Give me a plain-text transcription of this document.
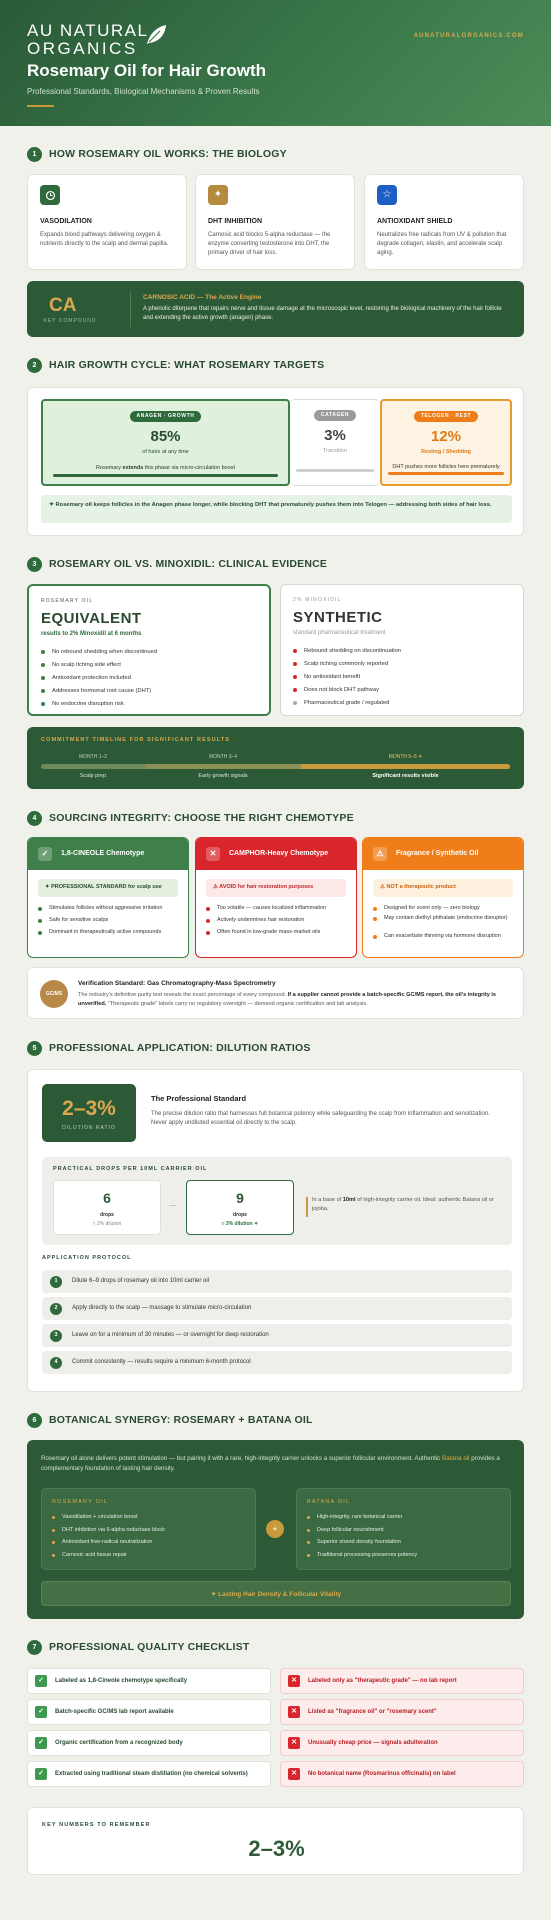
AU NATURAL
ORGANICS
AUNATURALORGANICS.COM
Rosemary Oil for Hair Growth
Professional Standards, Biological Mechanisms & Proven Results
1	HOW ROSEMARY OIL WORKS: THE BIOLOGY
VASODILATION

Expands blood pathways delivering oxygen & nutrients directly to the scalp and dermal papilla.

✦
DHT INHIBITION

Carnosic acid blocks 5-alpha reductase — the enzyme converting testosterone into DHT, the primary driver of hair loss.

☆
ANTIOXIDANT SHIELD

Neutralizes free radicals from UV & pollution that degrade collagen, elastin, and accelerate scalp aging.

CA
KEY COMPOUND
CARNOSIC ACID — The Active Engine
A phenolic diterpene that repairs nerve and tissue damage at the microscopic level, restoring the biological machinery of the hair follicle and extending the active growth (anagen) phase.
2	HAIR GROWTH CYCLE: WHAT ROSEMARY TARGETS
ANAGEN · GROWTH
85%
of hairs at any time
Rosemary extends this phase via micro-circulation boost
CATAGEN
3%
Transition
TELOGEN · REST
12%
Resting / Shedding
DHT pushes more follicles here prematurely
✦ Rosemary oil keeps follicles in the Anagen phase longer, while blocking DHT that prematurely pushes them into Telogen — addressing both sides of hair loss.
3	ROSEMARY OIL VS. MINOXIDIL: CLINICAL EVIDENCE
ROSEMARY OIL
EQUIVALENT
results to 2% Minoxidil at 6 months
No rebound shedding when discontinued
No scalp itching side effect
Antioxidant protection included
Addresses hormonal root cause (DHT)
No endocrine disruption risk
2% MINOXIDIL
SYNTHETIC
standard pharmaceutical treatment
Rebound shedding on discontinuation
Scalp itching commonly reported
No antioxidant benefit
Does not block DHT pathway
Pharmaceutical grade / regulated
COMMITMENT TIMELINE FOR SIGNIFICANT RESULTS
MONTH 1–2	MONTH 3–4	MONTH 5–6 ✦
Scalp prep	Early growth signals	Significant results visible
4	SOURCING INTEGRITY: CHOOSE THE RIGHT CHEMOTYPE
✓	1,8-CINEOLE Chemotype
✦ PROFESSIONAL STANDARD for scalp use
Stimulates follicles without aggressive irritation
Safe for sensitive scalps
Dominant in therapeutically active compounds
✕	CAMPHOR-Heavy Chemotype
⚠ AVOID for hair restoration purposes
Too volatile — causes localized inflammation
Actively undermines hair restoration
Often found in low-grade mass-market oils
⚠	Fragrance / Synthetic Oil
⚠ NOT a therapeutic product
Designed for scent only — zero biology
May contain diethyl phthalate (endocrine disruptor)
Can exacerbate thinning via hormone disruption
GC/MS
Verification Standard: Gas Chromatography-Mass Spectrometry
The industry's definitive purity test reveals the exact percentage of every compound. If a supplier cannot provide a batch-specific GC/MS report, the oil's integrity is unverified. "Therapeutic grade" labels carry no regulatory oversight — demand organic certification and lab analysis.
5	PROFESSIONAL APPLICATION: DILUTION RATIOS
2–3%
DILUTION RATIO
The Professional Standard
The precise dilution ratio that harnesses full botanical potency while safeguarding the scalp from inflammation and sensitization. Never apply undiluted essential oil directly to the scalp.
PRACTICAL DROPS PER 10ML CARRIER OIL
6
drops
≈ 2% dilution
—	9
drops
≈ 3% dilution ✦
In a base of 10ml of high-integrity carrier oil. Ideal: authentic Batana oil or jojoba.
APPLICATION PROTOCOL
1	Dilute 6–9 drops of rosemary oil into 10ml carrier oil
2	Apply directly to the scalp — massage to stimulate micro-circulation
3	Leave on for a minimum of 30 minutes — or overnight for deep restoration
4	Commit consistently — results require a minimum 6-month protocol
6	BOTANICAL SYNERGY: ROSEMARY + BATANA OIL
Rosemary oil alone delivers potent stimulation — but pairing it with a rare, high-integrity carrier unlocks a superior follicular environment. Authentic Batana oil provides a complementary foundation of lasting hair density.
ROSEMARY OIL
Vasodilation + circulation boost
DHT inhibition via 5-alpha reductase block
Antioxidant free-radical neutralization
Carnosic acid tissue repair
+
BATANA OIL
High-integrity, rare botanical carrier
Deep follicular nourishment
Superior strand density foundation
Traditional processing preserves potency
✦ Lasting Hair Density & Follicular Vitality
7	PROFESSIONAL QUALITY CHECKLIST
✓	Labeled as 1,8-Cineole chemotype specifically
✓	Batch-specific GC/MS lab report available
✓	Organic certification from a recognized body
✓	Extracted using traditional steam distillation (no chemical solvents)
✕	Labeled only as "therapeutic grade" — no lab report
✕	Listed as "fragrance oil" or "rosemary scent"
✕	Unusually cheap price — signals adulteration
✕	No botanical name (Rosmarinus officinalis) on label
KEY NUMBERS TO REMEMBER
2–3%
